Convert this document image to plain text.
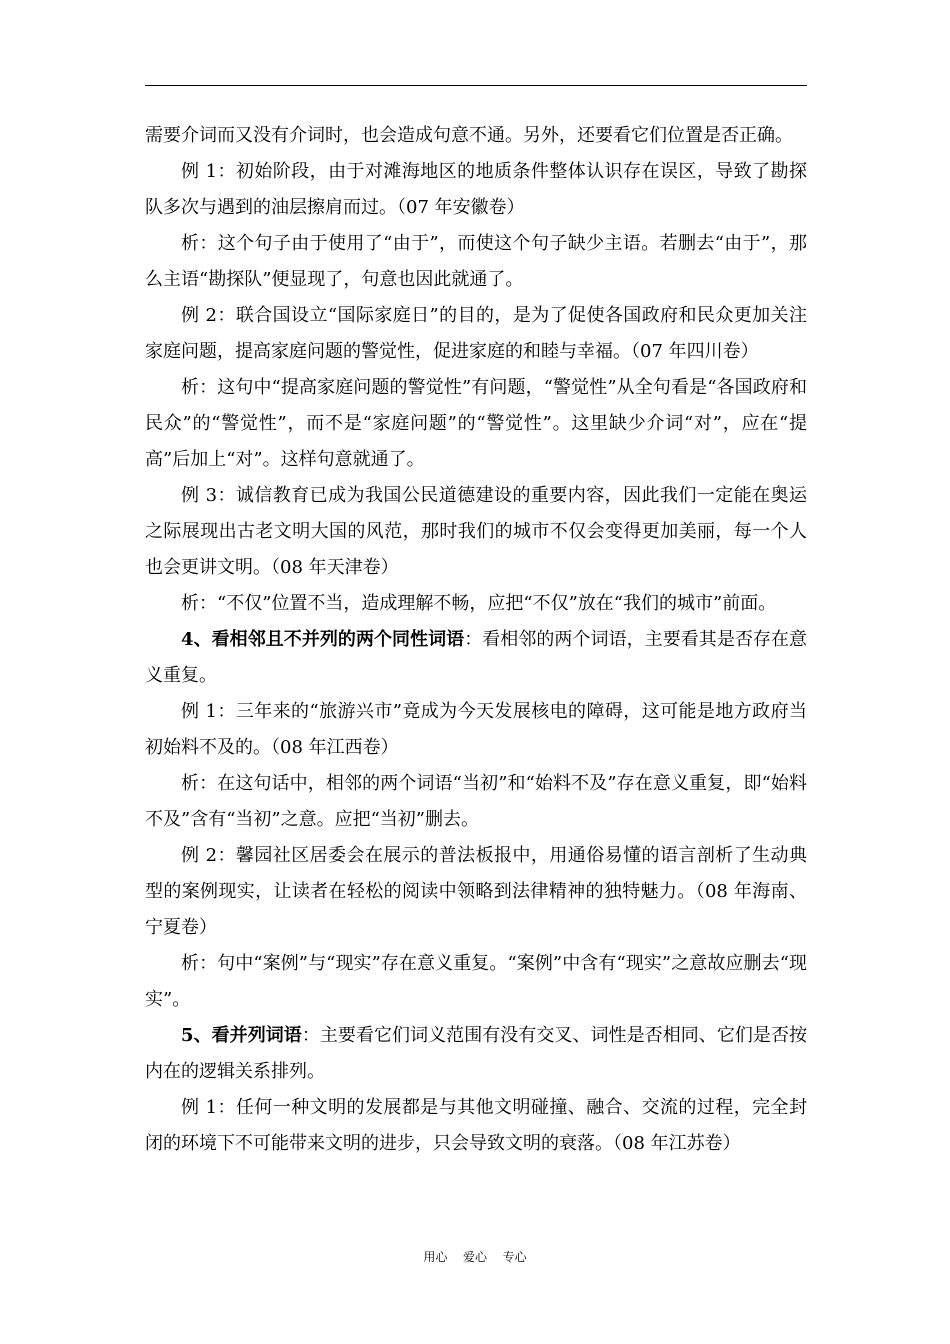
需要介词而又没有介词时，也会造成句意不通。另外，还要看它们位置是否正确。

例 1：初始阶段，由于对滩海地区的地质条件整体认识存在误区，导致了勘探队多次与遇到的油层擦肩而过。（07 年安徽卷）

析：这个句子由于使用了“由于”，而使这个句子缺少主语。若删去“由于”，那么主语“勘探队”便显现了，句意也因此就通了。

例 2：联合国设立“国际家庭日”的目的，是为了促使各国政府和民众更加关注家庭问题，提高家庭问题的警觉性，促进家庭的和睦与幸福。（07 年四川卷）

析：这句中“提高家庭问题的警觉性”有问题，“警觉性”从全句看是“各国政府和民众”的“警觉性”，而不是“家庭问题”的“警觉性”。这里缺少介词“对”，应在“提高”后加上“对”。这样句意就通了。

例 3：诚信教育已成为我国公民道德建设的重要内容，因此我们一定能在奥运之际展现出古老文明大国的风范，那时我们的城市不仅会变得更加美丽，每一个人也会更讲文明。（08 年天津卷）

析：“不仅”位置不当，造成理解不畅，应把“不仅”放在“我们的城市”前面。

4、看相邻且不并列的两个同性词语：看相邻的两个词语，主要看其是否存在意义重复。

例 1：三年来的“旅游兴市”竟成为今天发展核电的障碍，这可能是地方政府当初始料不及的。（08 年江西卷）

析：在这句话中，相邻的两个词语“当初”和“始料不及”存在意义重复，即“始料不及”含有“当初”之意。应把“当初”删去。

例 2：馨园社区居委会在展示的普法板报中，用通俗易懂的语言剖析了生动典型的案例现实，让读者在轻松的阅读中领略到法律精神的独特魅力。（08 年海南、宁夏卷）

析：句中“案例”与“现实”存在意义重复。“案例”中含有“现实”之意故应删去“现实”。

5、看并列词语：主要看它们词义范围有没有交叉、词性是否相同、它们是否按内在的逻辑关系排列。

例 1：任何一种文明的发展都是与其他文明碰撞、融合、交流的过程，完全封闭的环境下不可能带来文明的进步，只会导致文明的衰落。（08 年江苏卷）

用心  爱心  专心
